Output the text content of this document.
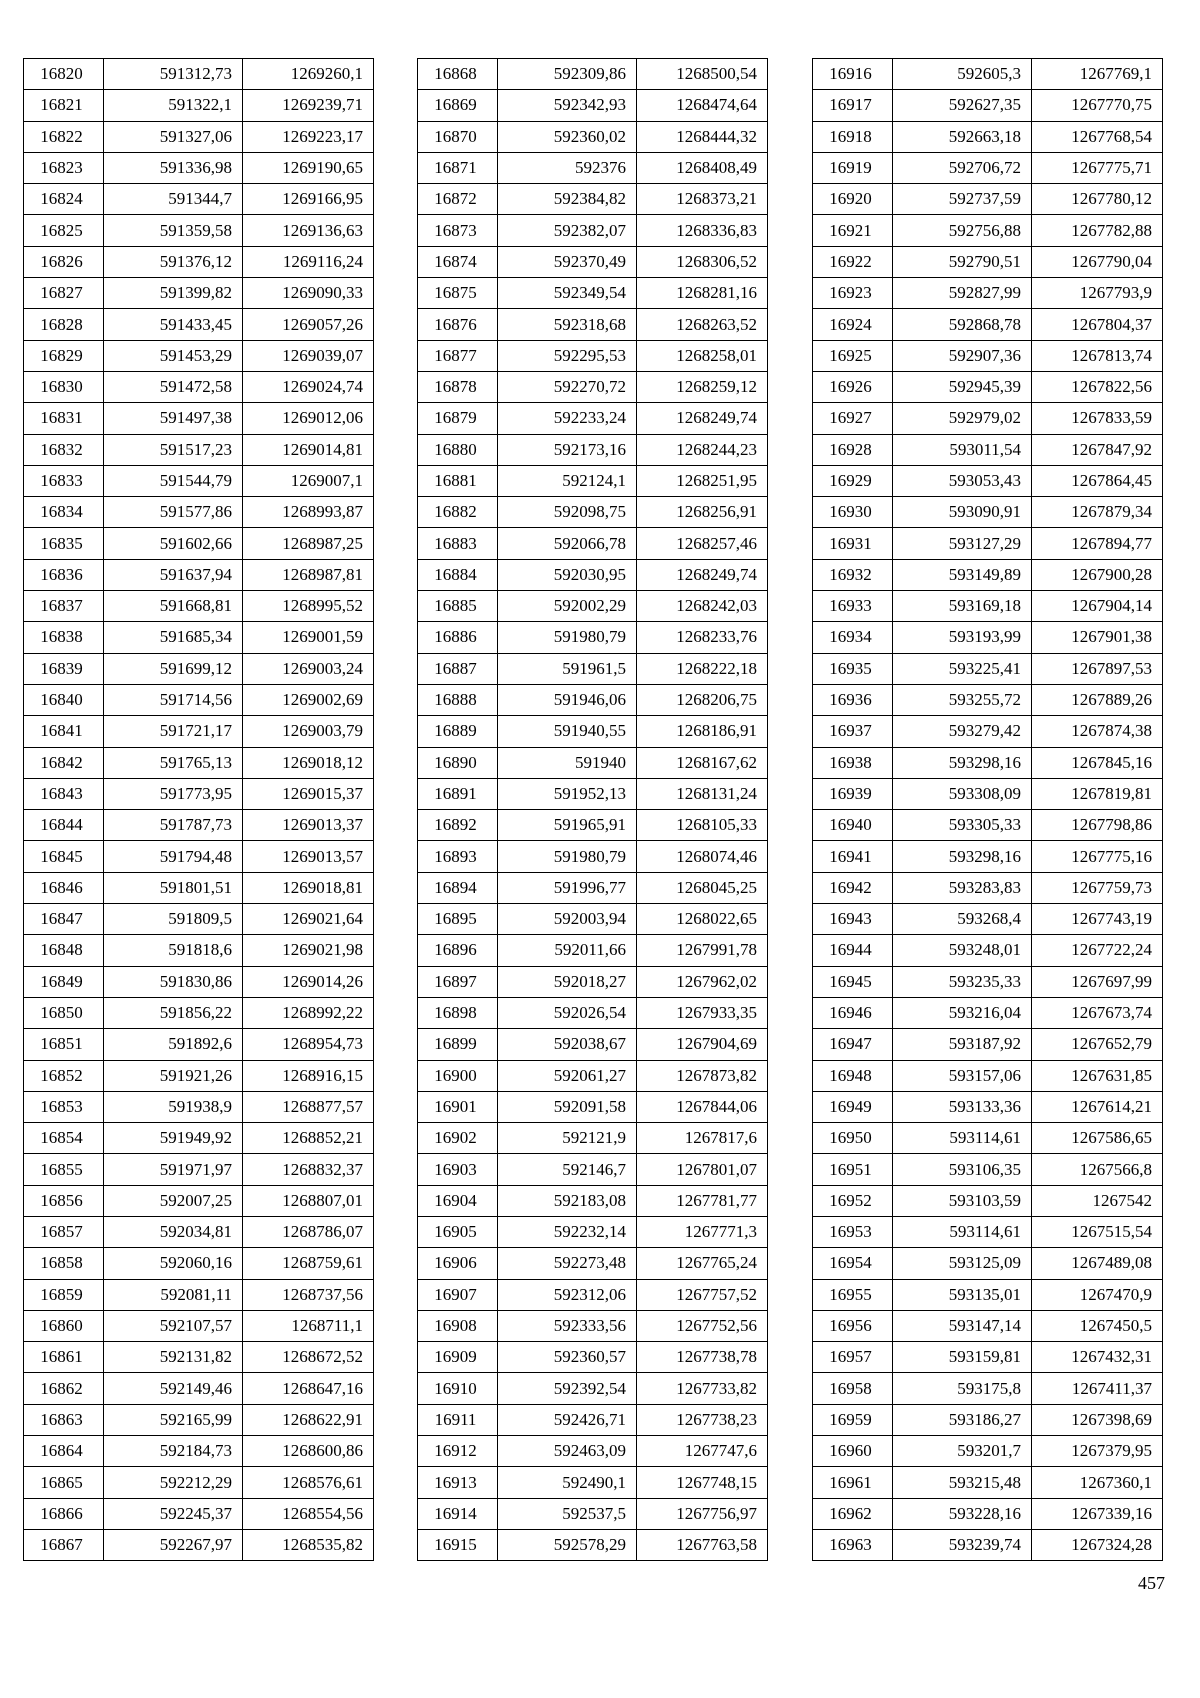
16820	591312,73	1269260,1
16821	591322,1	1269239,71
16822	591327,06	1269223,17
16823	591336,98	1269190,65
16824	591344,7	1269166,95
16825	591359,58	1269136,63
16826	591376,12	1269116,24
16827	591399,82	1269090,33
16828	591433,45	1269057,26
16829	591453,29	1269039,07
16830	591472,58	1269024,74
16831	591497,38	1269012,06
16832	591517,23	1269014,81
16833	591544,79	1269007,1
16834	591577,86	1268993,87
16835	591602,66	1268987,25
16836	591637,94	1268987,81
16837	591668,81	1268995,52
16838	591685,34	1269001,59
16839	591699,12	1269003,24
16840	591714,56	1269002,69
16841	591721,17	1269003,79
16842	591765,13	1269018,12
16843	591773,95	1269015,37
16844	591787,73	1269013,37
16845	591794,48	1269013,57
16846	591801,51	1269018,81
16847	591809,5	1269021,64
16848	591818,6	1269021,98
16849	591830,86	1269014,26
16850	591856,22	1268992,22
16851	591892,6	1268954,73
16852	591921,26	1268916,15
16853	591938,9	1268877,57
16854	591949,92	1268852,21
16855	591971,97	1268832,37
16856	592007,25	1268807,01
16857	592034,81	1268786,07
16858	592060,16	1268759,61
16859	592081,11	1268737,56
16860	592107,57	1268711,1
16861	592131,82	1268672,52
16862	592149,46	1268647,16
16863	592165,99	1268622,91
16864	592184,73	1268600,86
16865	592212,29	1268576,61
16866	592245,37	1268554,56
16867	592267,97	1268535,82
16868	592309,86	1268500,54
16869	592342,93	1268474,64
16870	592360,02	1268444,32
16871	592376	1268408,49
16872	592384,82	1268373,21
16873	592382,07	1268336,83
16874	592370,49	1268306,52
16875	592349,54	1268281,16
16876	592318,68	1268263,52
16877	592295,53	1268258,01
16878	592270,72	1268259,12
16879	592233,24	1268249,74
16880	592173,16	1268244,23
16881	592124,1	1268251,95
16882	592098,75	1268256,91
16883	592066,78	1268257,46
16884	592030,95	1268249,74
16885	592002,29	1268242,03
16886	591980,79	1268233,76
16887	591961,5	1268222,18
16888	591946,06	1268206,75
16889	591940,55	1268186,91
16890	591940	1268167,62
16891	591952,13	1268131,24
16892	591965,91	1268105,33
16893	591980,79	1268074,46
16894	591996,77	1268045,25
16895	592003,94	1268022,65
16896	592011,66	1267991,78
16897	592018,27	1267962,02
16898	592026,54	1267933,35
16899	592038,67	1267904,69
16900	592061,27	1267873,82
16901	592091,58	1267844,06
16902	592121,9	1267817,6
16903	592146,7	1267801,07
16904	592183,08	1267781,77
16905	592232,14	1267771,3
16906	592273,48	1267765,24
16907	592312,06	1267757,52
16908	592333,56	1267752,56
16909	592360,57	1267738,78
16910	592392,54	1267733,82
16911	592426,71	1267738,23
16912	592463,09	1267747,6
16913	592490,1	1267748,15
16914	592537,5	1267756,97
16915	592578,29	1267763,58
16916	592605,3	1267769,1
16917	592627,35	1267770,75
16918	592663,18	1267768,54
16919	592706,72	1267775,71
16920	592737,59	1267780,12
16921	592756,88	1267782,88
16922	592790,51	1267790,04
16923	592827,99	1267793,9
16924	592868,78	1267804,37
16925	592907,36	1267813,74
16926	592945,39	1267822,56
16927	592979,02	1267833,59
16928	593011,54	1267847,92
16929	593053,43	1267864,45
16930	593090,91	1267879,34
16931	593127,29	1267894,77
16932	593149,89	1267900,28
16933	593169,18	1267904,14
16934	593193,99	1267901,38
16935	593225,41	1267897,53
16936	593255,72	1267889,26
16937	593279,42	1267874,38
16938	593298,16	1267845,16
16939	593308,09	1267819,81
16940	593305,33	1267798,86
16941	593298,16	1267775,16
16942	593283,83	1267759,73
16943	593268,4	1267743,19
16944	593248,01	1267722,24
16945	593235,33	1267697,99
16946	593216,04	1267673,74
16947	593187,92	1267652,79
16948	593157,06	1267631,85
16949	593133,36	1267614,21
16950	593114,61	1267586,65
16951	593106,35	1267566,8
16952	593103,59	1267542
16953	593114,61	1267515,54
16954	593125,09	1267489,08
16955	593135,01	1267470,9
16956	593147,14	1267450,5
16957	593159,81	1267432,31
16958	593175,8	1267411,37
16959	593186,27	1267398,69
16960	593201,7	1267379,95
16961	593215,48	1267360,1
16962	593228,16	1267339,16
16963	593239,74	1267324,28
457
